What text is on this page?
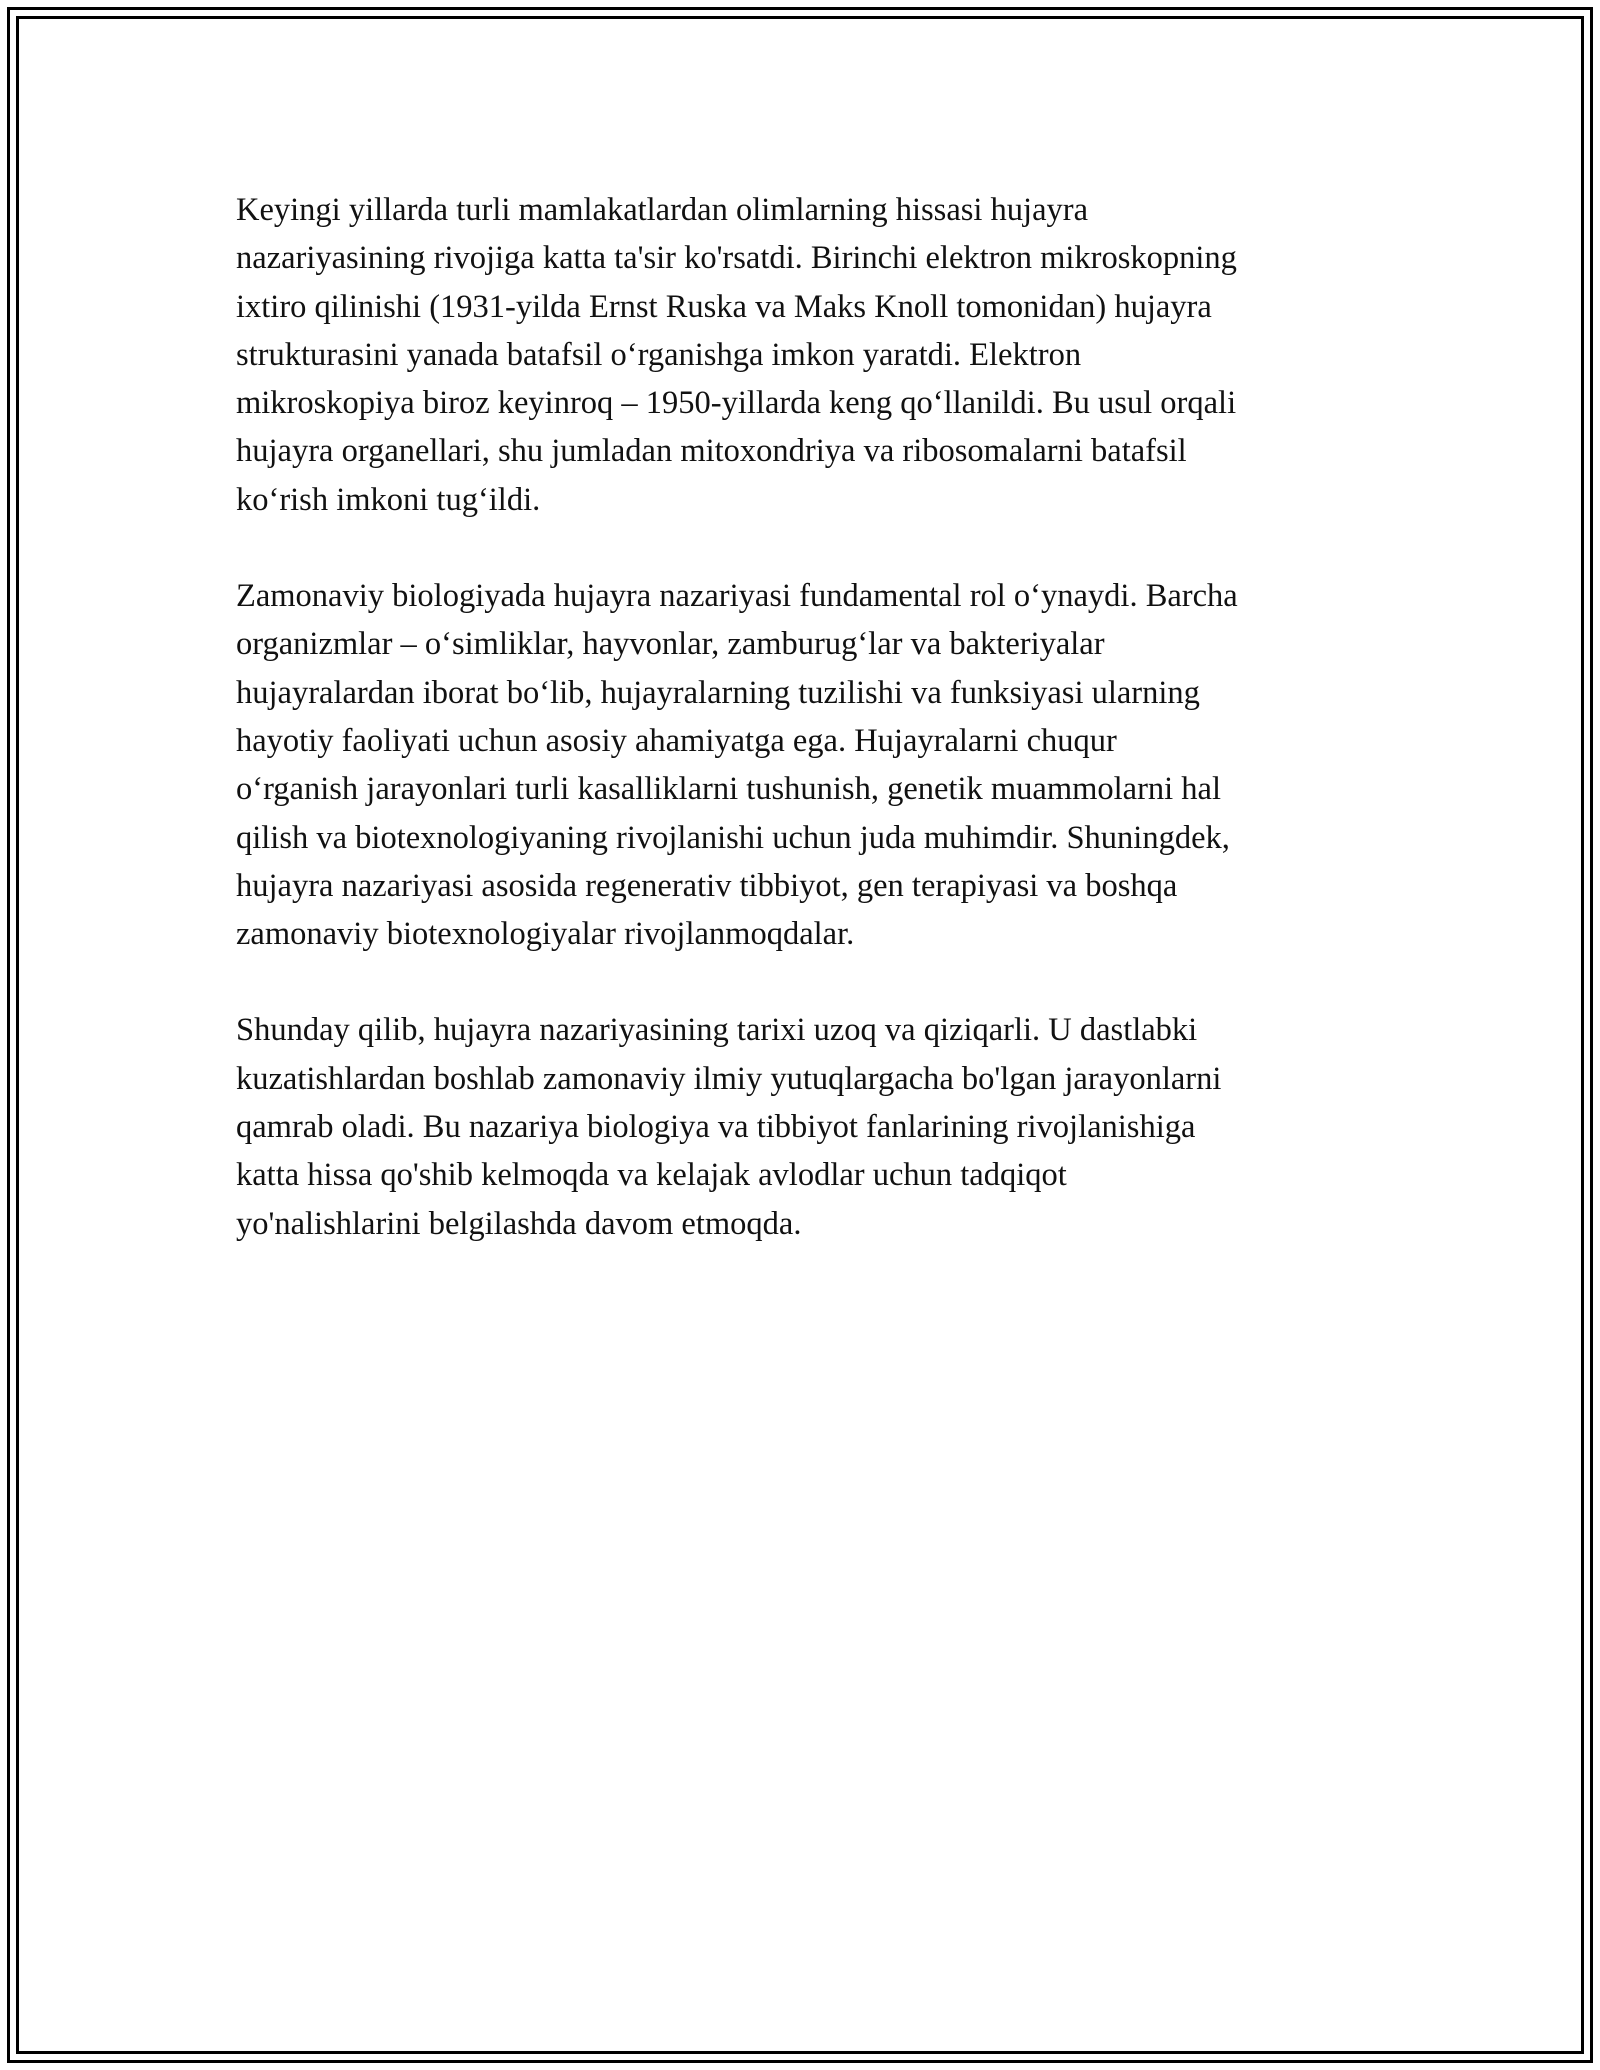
Keyingi yillarda turli mamlakatlardan olimlarning hissasi hujayra
nazariyasining rivojiga katta ta'sir ko'rsatdi. Birinchi elektron mikroskopning
ixtiro qilinishi (1931-yilda Ernst Ruska va Maks Knoll tomonidan) hujayra
strukturasini yanada batafsil o‘rganishga imkon yaratdi. Elektron
mikroskopiya biroz keyinroq – 1950-yillarda keng qo‘llanildi. Bu usul orqali
hujayra organellari, shu jumladan mitoxondriya va ribosomalarni batafsil
ko‘rish imkoni tug‘ildi.

Zamonaviy biologiyada hujayra nazariyasi fundamental rol o‘ynaydi. Barcha
organizmlar – o‘simliklar, hayvonlar, zamburug‘lar va bakteriyalar
hujayralardan iborat bo‘lib, hujayralarning tuzilishi va funksiyasi ularning
hayotiy faoliyati uchun asosiy ahamiyatga ega. Hujayralarni chuqur
o‘rganish jarayonlari turli kasalliklarni tushunish, genetik muammolarni hal
qilish va biotexnologiyaning rivojlanishi uchun juda muhimdir. Shuningdek,
hujayra nazariyasi asosida regenerativ tibbiyot, gen terapiyasi va boshqa
zamonaviy biotexnologiyalar rivojlanmoqdalar.

Shunday qilib, hujayra nazariyasining tarixi uzoq va qiziqarli. U dastlabki
kuzatishlardan boshlab zamonaviy ilmiy yutuqlargacha bo'lgan jarayonlarni
qamrab oladi. Bu nazariya biologiya va tibbiyot fanlarining rivojlanishiga
katta hissa qo'shib kelmoqda va kelajak avlodlar uchun tadqiqot
yo'nalishlarini belgilashda davom etmoqda.
